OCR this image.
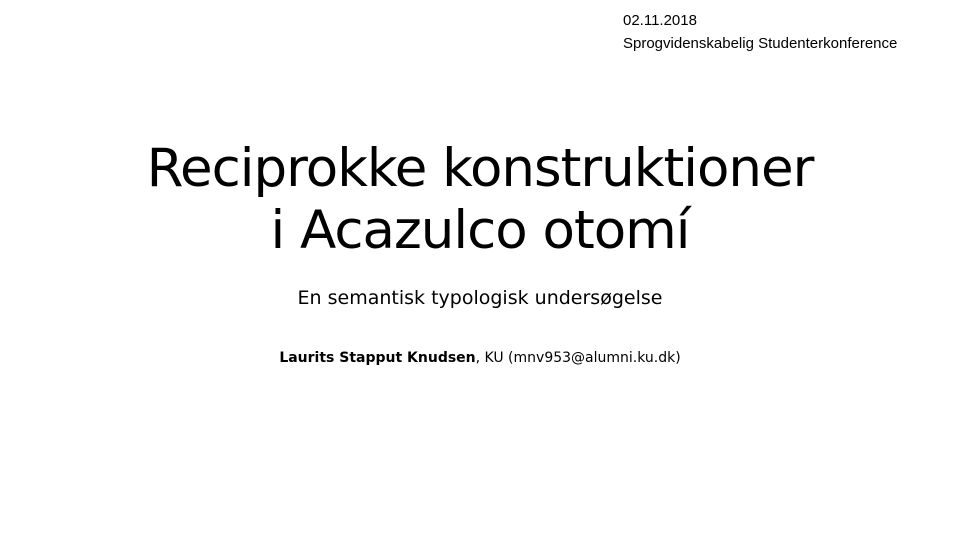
02.11.2018
Sprogvidenskabelig Studenterkonference
Reciprokke konstruktioner
i Acazulco otomí
En semantisk typologisk undersøgelse
Laurits Stapput Knudsen, KU (mnv953@alumni.ku.dk)
